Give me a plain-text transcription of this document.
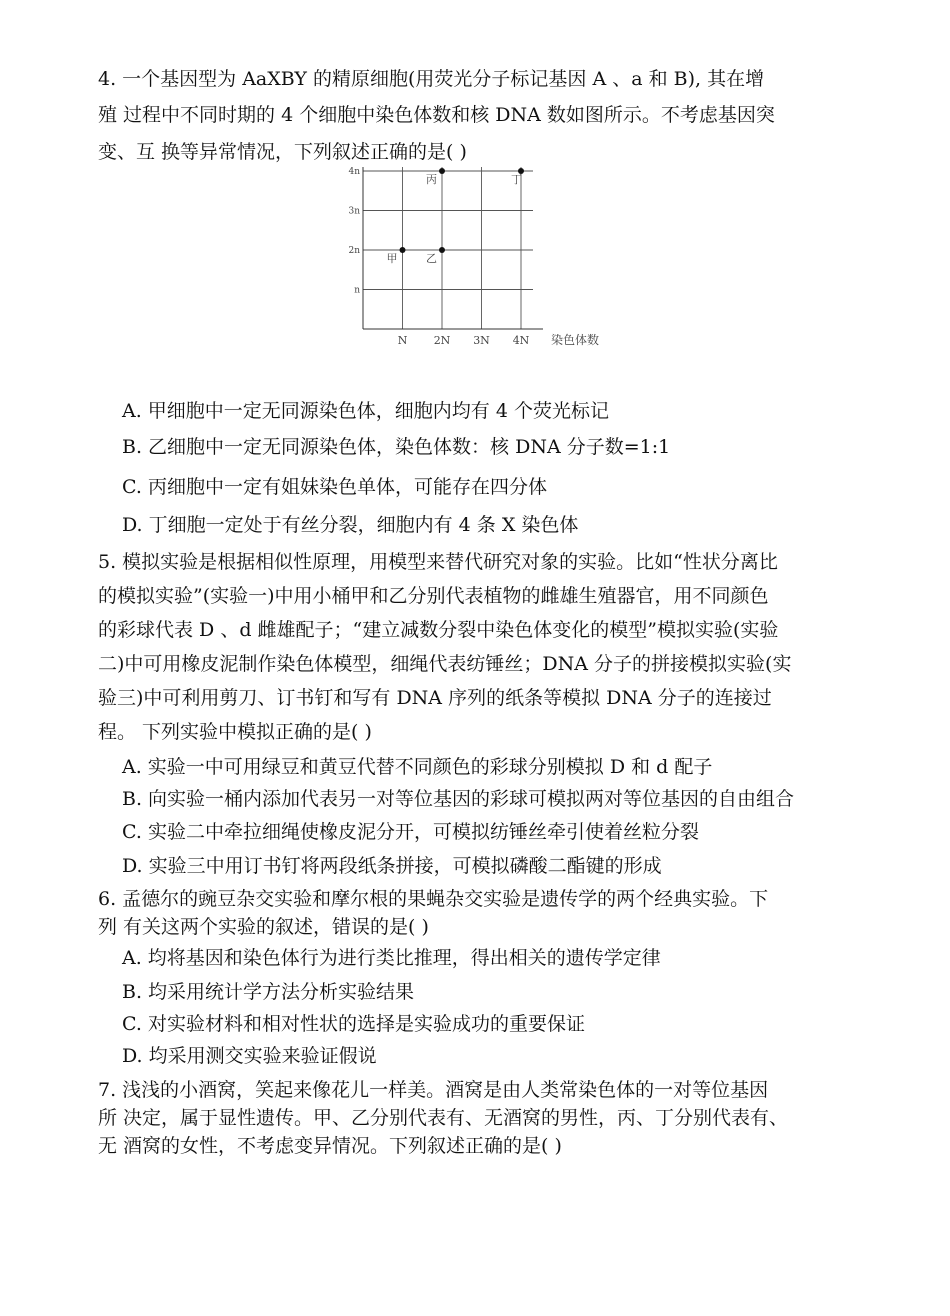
4. 一个基因型为 AaXBY 的精原细胞(用荧光分子标记基因 A 、a 和 B), 其在增
殖 过程中不同时期的 4 个细胞中染色体数和核 DNA 数如图所示。不考虑基因突
变、互 换等异常情况，下列叙述正确的是( )
n
2n
3n
4n
N 2N 3N 4N
甲	乙
丙	丁
染色体数
A. 甲细胞中一定无同源染色体，细胞内均有 4 个荧光标记
B. 乙细胞中一定无同源染色体，染色体数：核 DNA 分子数=1:1
C. 丙细胞中一定有姐妹染色单体，可能存在四分体
D. 丁细胞一定处于有丝分裂，细胞内有 4 条 X 染色体
5. 模拟实验是根据相似性原理，用模型来替代研究对象的实验。比如“性状分离比
的模拟实验”(实验一)中用小桶甲和乙分别代表植物的雌雄生殖器官，用不同颜色
的彩球代表 D 、d 雌雄配子；“建立减数分裂中染色体变化的模型”模拟实验(实验
二)中可用橡皮泥制作染色体模型，细绳代表纺锤丝；DNA 分子的拼接模拟实验(实
验三)中可利用剪刀、订书钉和写有 DNA 序列的纸条等模拟 DNA 分子的连接过
程。 下列实验中模拟正确的是( )
A. 实验一中可用绿豆和黄豆代替不同颜色的彩球分别模拟 D 和 d 配子
B. 向实验一桶内添加代表另一对等位基因的彩球可模拟两对等位基因的自由组合
C. 实验二中牵拉细绳使橡皮泥分开，可模拟纺锤丝牵引使着丝粒分裂
D. 实验三中用订书钉将两段纸条拼接，可模拟磷酸二酯键的形成
6. 孟德尔的豌豆杂交实验和摩尔根的果蝇杂交实验是遗传学的两个经典实验。下
列 有关这两个实验的叙述，错误的是( )
A. 均将基因和染色体行为进行类比推理，得出相关的遗传学定律
B. 均采用统计学方法分析实验结果
C. 对实验材料和相对性状的选择是实验成功的重要保证
D. 均采用测交实验来验证假说
7. 浅浅的小酒窝，笑起来像花儿一样美。酒窝是由人类常染色体的一对等位基因
所 决定，属于显性遗传。甲、乙分别代表有、无酒窝的男性，丙、丁分别代表有、
无 酒窝的女性，不考虑变异情况。下列叙述正确的是( )
